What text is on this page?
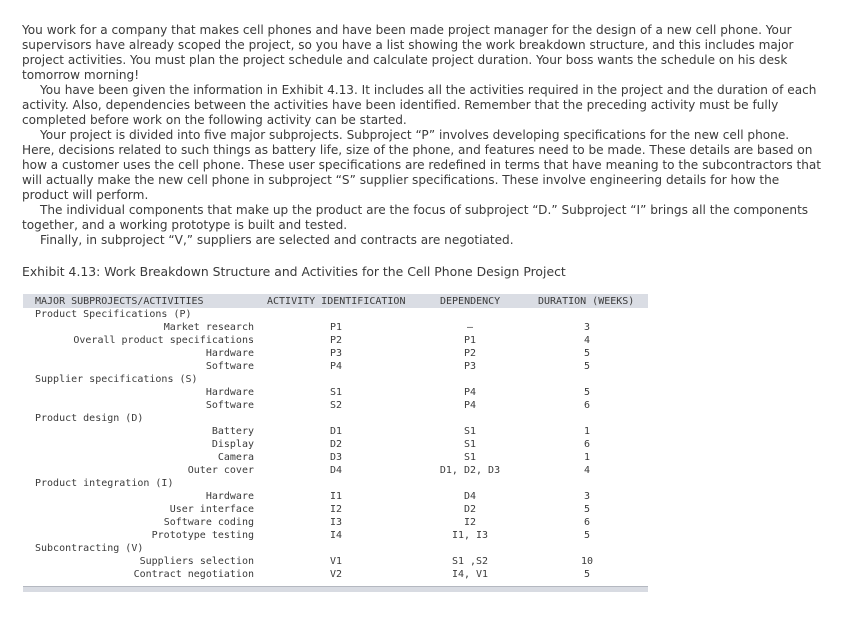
You work for a company that makes cell phones and have been made project manager for the design of a new cell phone. Your supervisors have already scoped the project, so you have a list showing the work breakdown structure, and this includes major project activities. You must plan the project schedule and calculate project duration. Your boss wants the schedule on his desk tomorrow morning!

You have been given the information in Exhibit 4.13. It includes all the activities required in the project and the duration of each activity. Also, dependencies between the activities have been identified. Remember that the preceding activity must be fully completed before work on the following activity can be started.

Your project is divided into five major subprojects. Subproject “P” involves developing specifications for the new cell phone. Here, decisions related to such things as battery life, size of the phone, and features need to be made. These details are based on how a customer uses the cell phone. These user specifications are redefined in terms that have meaning to the subcontractors that will actually make the new cell phone in subproject “S” supplier specifications. These involve engineering details for how the product will perform.

The individual components that make up the product are the focus of subproject “D.” Subproject “I” brings all the components together, and a working prototype is built and tested.

Finally, in subproject “V,” suppliers are selected and contracts are negotiated.

Exhibit 4.13: Work Breakdown Structure and Activities for the Cell Phone Design Project
MAJOR SUBPROJECTS/ACTIVITIES	ACTIVITY IDENTIFICATION	DEPENDENCY	DURATION (WEEKS)
Product Specifications (P)
Market research	P1	–	3
Overall product specifications	P2	P1	4
Hardware	P3	P2	5
Software	P4	P3	5
Supplier specifications (S)
Hardware	S1	P4	5
Software	S2	P4	6
Product design (D)
Battery	D1	S1	1
Display	D2	S1	6
Camera	D3	S1	1
Outer cover	D4	D1, D2, D3	4
Product integration (I)
Hardware	I1	D4	3
User interface	I2	D2	5
Software coding	I3	I2	6
Prototype testing	I4	I1, I3	5
Subcontracting (V)
Suppliers selection	V1	S1 ,S2	10
Contract negotiation	V2	I4, V1	5
